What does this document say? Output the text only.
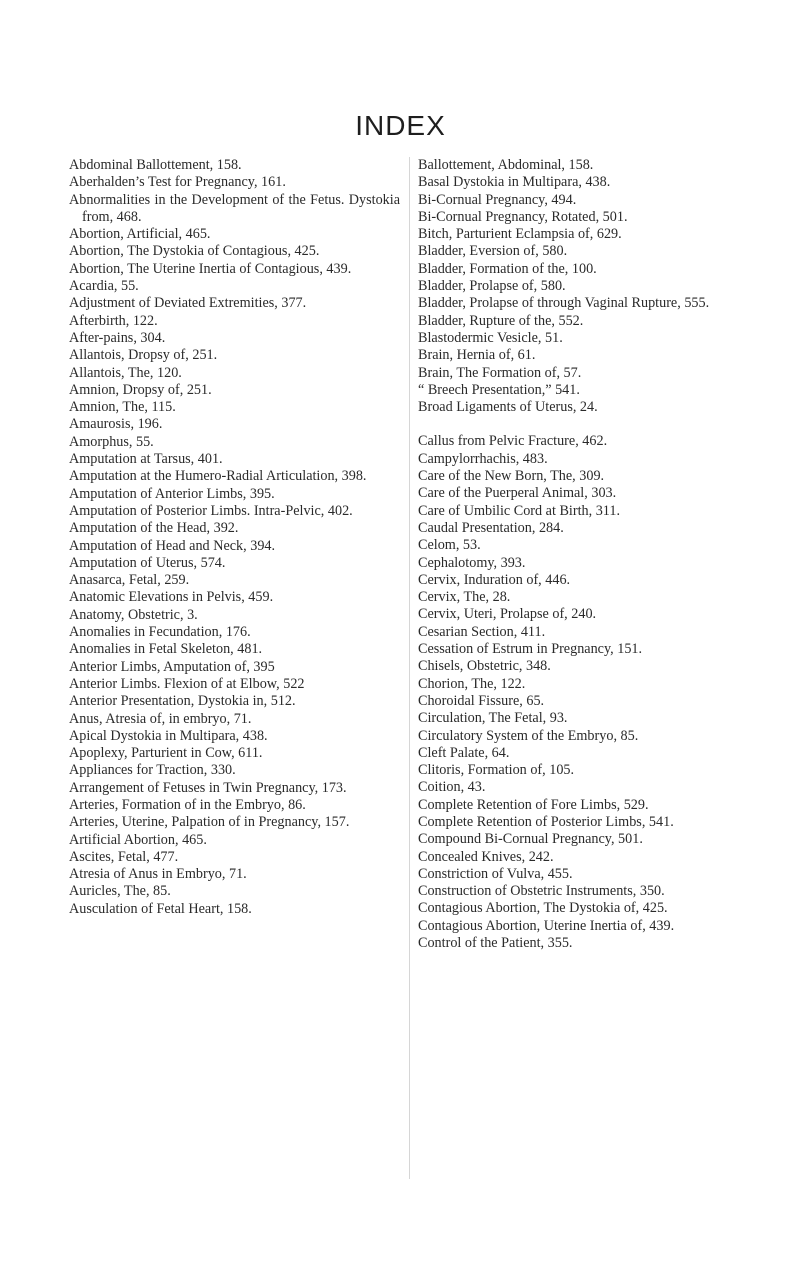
INDEX
Abdominal Ballottement, 158.
Aberhalden’s Test for Pregnancy, 161.
Abnormalities in the Development of the Fetus. Dystokia from, 468.
Abortion, Artificial, 465.
Abortion, The Dystokia of Contagious, 425.
Abortion, The Uterine Inertia of Contagious, 439.
Acardia, 55.
Adjustment of Deviated Extremities, 377.
Afterbirth, 122.
After-pains, 304.
Allantois, Dropsy of, 251.
Allantois, The, 120.
Amnion, Dropsy of, 251.
Amnion, The, 115.
Amaurosis, 196.
Amorphus, 55.
Amputation at Tarsus, 401.
Amputation at the Humero-Radial Articulation, 398.
Amputation of Anterior Limbs, 395.
Amputation of Posterior Limbs. Intra-Pelvic, 402.
Amputation of the Head, 392.
Amputation of Head and Neck, 394.
Amputation of Uterus, 574.
Anasarca, Fetal, 259.
Anatomic Elevations in Pelvis, 459.
Anatomy, Obstetric, 3.
Anomalies in Fecundation, 176.
Anomalies in Fetal Skeleton, 481.
Anterior Limbs, Amputation of, 395
Anterior Limbs. Flexion of at Elbow, 522
Anterior Presentation, Dystokia in, 512.
Anus, Atresia of, in embryo, 71.
Apical Dystokia in Multipara, 438.
Apoplexy, Parturient in Cow, 611.
Appliances for Traction, 330.
Arrangement of Fetuses in Twin Pregnancy, 173.
Arteries, Formation of in the Embryo, 86.
Arteries, Uterine, Palpation of in Pregnancy, 157.
Artificial Abortion, 465.
Ascites, Fetal, 477.
Atresia of Anus in Embryo, 71.
Auricles, The, 85.
Ausculation of Fetal Heart, 158.
Ballottement, Abdominal, 158.
Basal Dystokia in Multipara, 438.
Bi-Cornual Pregnancy, 494.
Bi-Cornual Pregnancy, Rotated, 501.
Bitch, Parturient Eclampsia of, 629.
Bladder, Eversion of, 580.
Bladder, Formation of the, 100.
Bladder, Prolapse of, 580.
Bladder, Prolapse of through Vaginal Rupture, 555.
Bladder, Rupture of the, 552.
Blastodermic Vesicle, 51.
Brain, Hernia of, 61.
Brain, The Formation of, 57.
“ Breech Presentation,” 541.
Broad Ligaments of Uterus, 24.
Callus from Pelvic Fracture, 462.
Campylorrhachis, 483.
Care of the New Born, The, 309.
Care of the Puerperal Animal, 303.
Care of Umbilic Cord at Birth, 311.
Caudal Presentation, 284.
Celom, 53.
Cephalotomy, 393.
Cervix, Induration of, 446.
Cervix, The, 28.
Cervix, Uteri, Prolapse of, 240.
Cesarian Section, 411.
Cessation of Estrum in Pregnancy, 151.
Chisels, Obstetric, 348.
Chorion, The, 122.
Choroidal Fissure, 65.
Circulation, The Fetal, 93.
Circulatory System of the Embryo, 85.
Cleft Palate, 64.
Clitoris, Formation of, 105.
Coition, 43.
Complete Retention of Fore Limbs, 529.
Complete Retention of Posterior Limbs, 541.
Compound Bi-Cornual Pregnancy, 501.
Concealed Knives, 242.
Constriction of Vulva, 455.
Construction of Obstetric Instruments, 350.
Contagious Abortion, The Dystokia of, 425.
Contagious Abortion, Uterine Inertia of, 439.
Control of the Patient, 355.
